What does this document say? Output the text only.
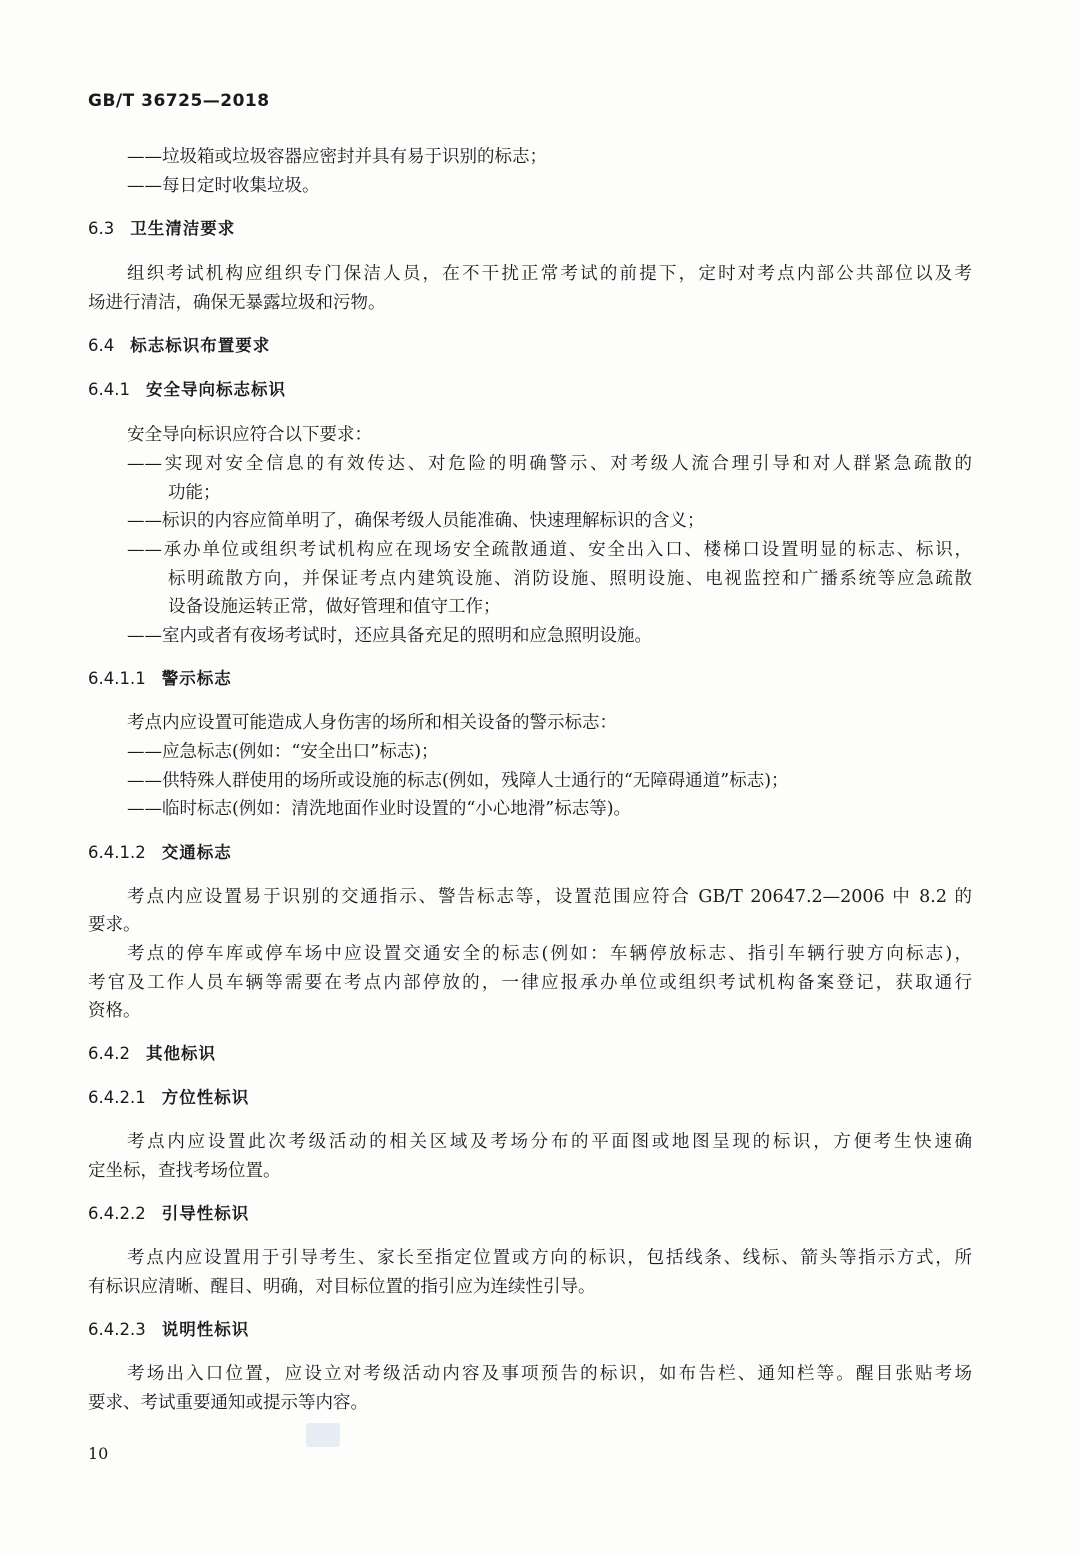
GB/T 36725—2018
——垃圾箱或垃圾容器应密封并具有易于识别的标志；
——每日定时收集垃圾。
6.3 卫生清洁要求
组织考试机构应组织专门保洁人员，在不干扰正常考试的前提下，定时对考点内部公共部位以及考
场进行清洁，确保无暴露垃圾和污物。
6.4 标志标识布置要求
6.4.1 安全导向标志标识
安全导向标识应符合以下要求：
——实现对安全信息的有效传达、对危险的明确警示、对考级人流合理引导和对人群紧急疏散的
功能；
——标识的内容应简单明了，确保考级人员能准确、快速理解标识的含义；
——承办单位或组织考试机构应在现场安全疏散通道、安全出入口、楼梯口设置明显的标志、标识，
标明疏散方向，并保证考点内建筑设施、消防设施、照明设施、电视监控和广播系统等应急疏散
设备设施运转正常，做好管理和值守工作；
——室内或者有夜场考试时，还应具备充足的照明和应急照明设施。
6.4.1.1 警示标志
考点内应设置可能造成人身伤害的场所和相关设备的警示标志：
——应急标志(例如：“安全出口”标志)；
——供特殊人群使用的场所或设施的标志(例如，残障人士通行的“无障碍通道”标志)；
——临时标志(例如：清洗地面作业时设置的“小心地滑”标志等)。
6.4.1.2 交通标志
考点内应设置易于识别的交通指示、警告标志等，设置范围应符合 GB/T 20647.2—2006 中 8.2 的
要求。
考点的停车库或停车场中应设置交通安全的标志(例如：车辆停放标志、指引车辆行驶方向标志)，
考官及工作人员车辆等需要在考点内部停放的，一律应报承办单位或组织考试机构备案登记，获取通行
资格。
6.4.2 其他标识
6.4.2.1 方位性标识
考点内应设置此次考级活动的相关区域及考场分布的平面图或地图呈现的标识，方便考生快速确
定坐标，查找考场位置。
6.4.2.2 引导性标识
考点内应设置用于引导考生、家长至指定位置或方向的标识，包括线条、线标、箭头等指示方式，所
有标识应清晰、醒目、明确，对目标位置的指引应为连续性引导。
6.4.2.3 说明性标识
考场出入口位置，应设立对考级活动内容及事项预告的标识，如布告栏、通知栏等。醒目张贴考场
要求、考试重要通知或提示等内容。
10
